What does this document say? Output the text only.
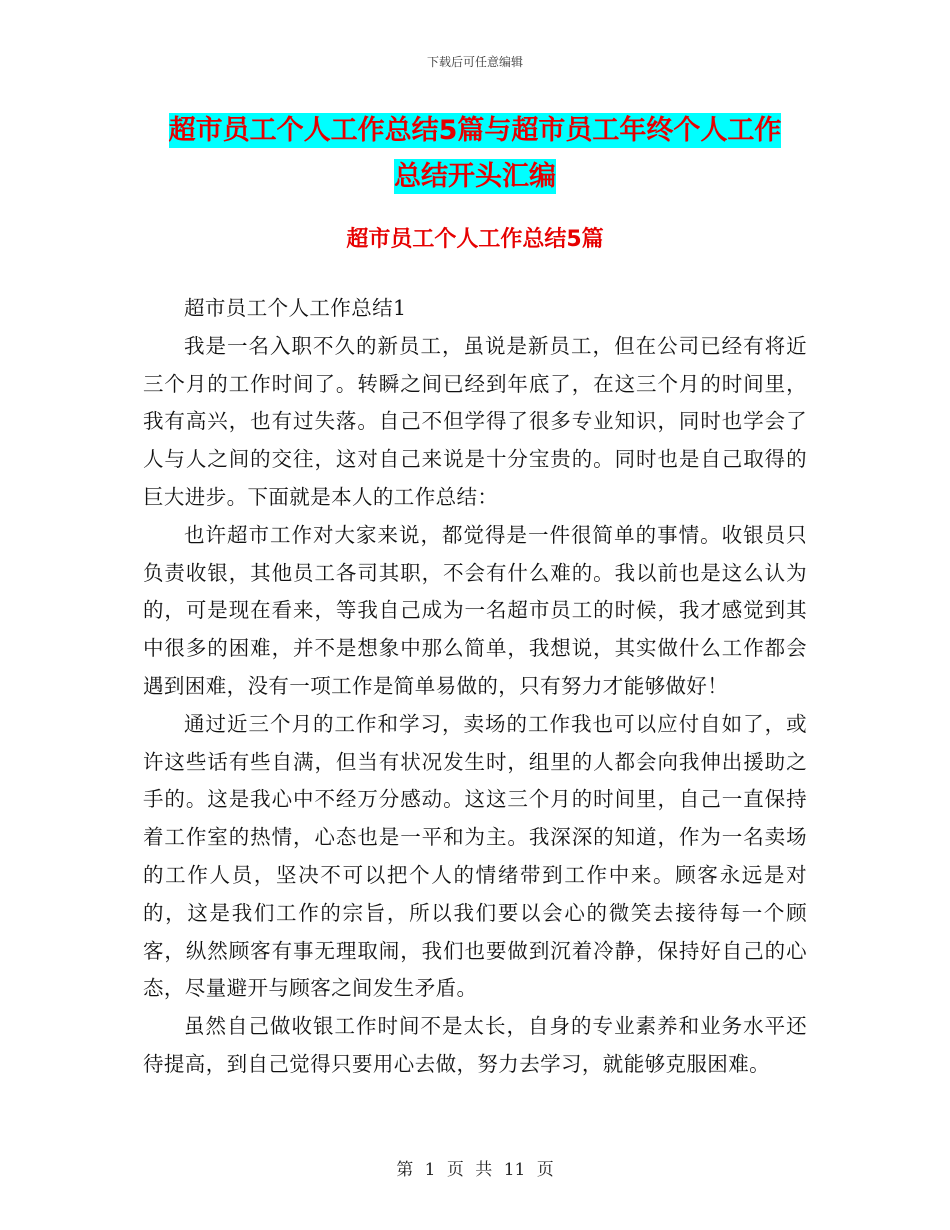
下载后可任意编辑
超市员工个人工作总结5篇与超市员工年终个人工作
总结开头汇编
超市员工个人工作总结5篇

超市员工个人工作总结1

我是一名入职不久的新员工，虽说是新员工，但在公司已经有将近三个月的工作时间了。转瞬之间已经到年底了，在这三个月的时间里，我有高兴，也有过失落。自己不但学得了很多专业知识，同时也学会了人与人之间的交往，这对自己来说是十分宝贵的。同时也是自己取得的巨大进步。下面就是本人的工作总结：

也许超市工作对大家来说，都觉得是一件很简单的事情。收银员只负责收银，其他员工各司其职，不会有什么难的。我以前也是这么认为的，可是现在看来，等我自己成为一名超市员工的时候，我才感觉到其中很多的困难，并不是想象中那么简单，我想说，其实做什么工作都会遇到困难，没有一项工作是简单易做的，只有努力才能够做好！

通过近三个月的工作和学习，卖场的工作我也可以应付自如了，或许这些话有些自满，但当有状况发生时，组里的人都会向我伸出援助之手的。这是我心中不经万分感动。这这三个月的时间里，自己一直保持着工作室的热情，心态也是一平和为主。我深深的知道，作为一名卖场的工作人员，坚决不可以把个人的情绪带到工作中来。顾客永远是对的，这是我们工作的宗旨，所以我们要以会心的微笑去接待每一个顾客，纵然顾客有事无理取闹，我们也要做到沉着冷静，保持好自己的心态，尽量避开与顾客之间发生矛盾。

虽然自己做收银工作时间不是太长，自身的专业素养和业务水平还待提高，到自己觉得只要用心去做，努力去学习，就能够克服困难。

第 1 页 共 11 页
